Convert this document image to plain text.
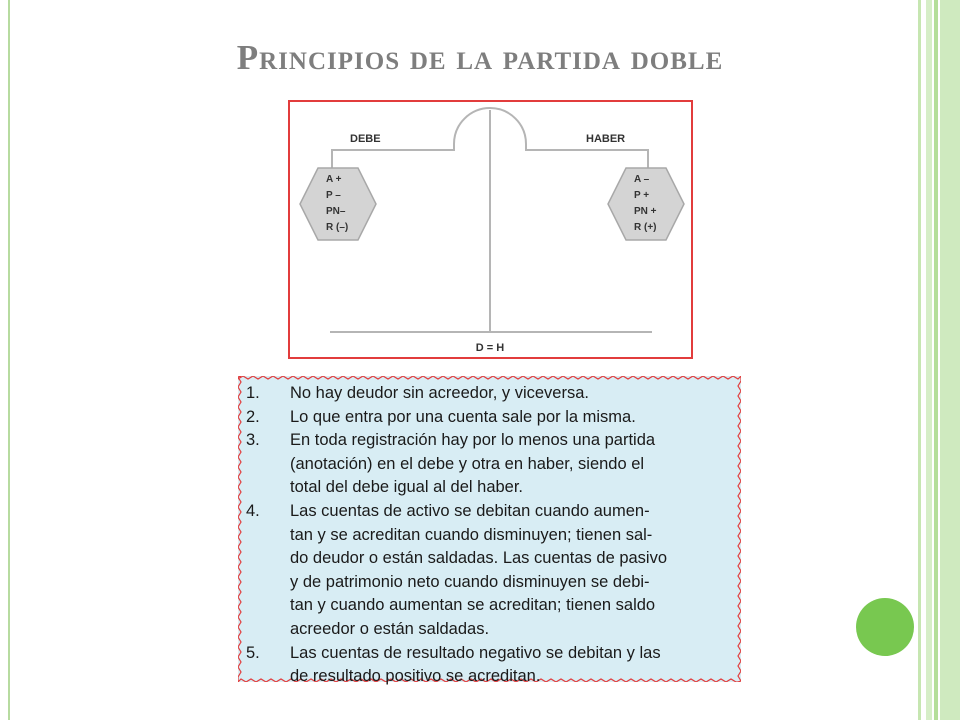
Principios de la partida doble
DEBE	HABER
A +
P –
PN–
R (–)
A –
P +
PN +
R (+)
D = H
1.	No hay deudor sin acreedor, y viceversa.
2.	Lo que entra por una cuenta sale por la misma.
3.	En toda registración hay por lo menos una partida
(anotación) en el debe y otra en haber, siendo el
total del debe igual al del haber.
4.	Las cuentas de activo se debitan cuando aumen-
tan y se acreditan cuando disminuyen; tienen sal-
do deudor o están saldadas. Las cuentas de pasivo
y de patrimonio neto cuando disminuyen se debi-
tan y cuando aumentan se acreditan; tienen saldo
acreedor o están saldadas.
5.	Las cuentas de resultado negativo se debitan y las
de resultado positivo se acreditan.
